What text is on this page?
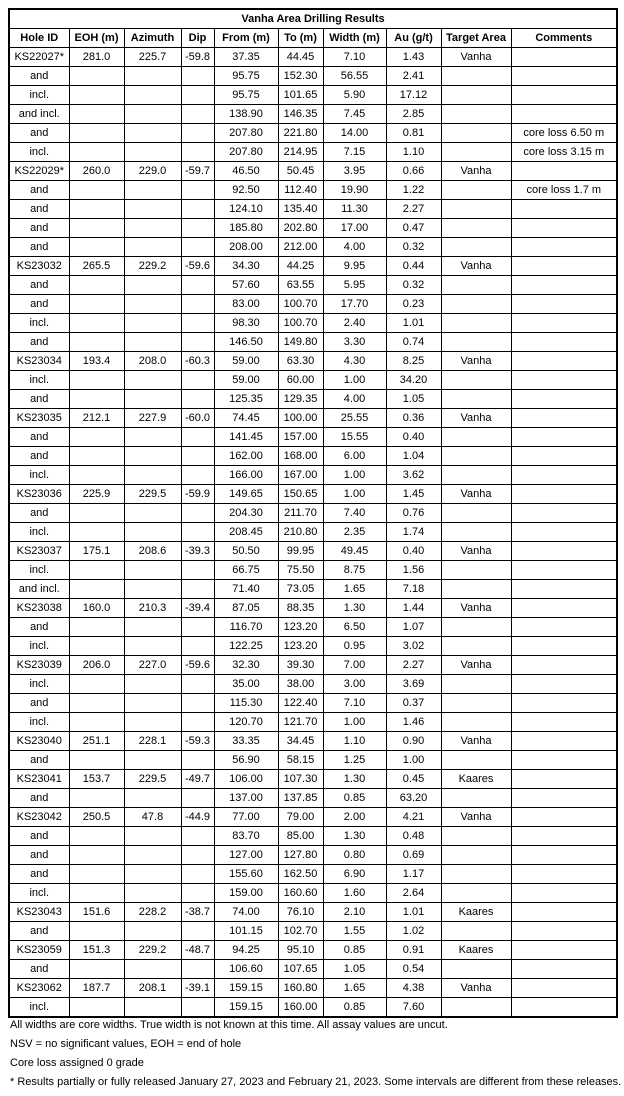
Vanha Area Drilling Results									
Hole ID	EOH (m)	Azimuth	Dip	From (m)	To (m)	Width (m)	Au (g/t)	Target Area	Comments
KS22027*	281.0	225.7	-59.8	37.35	44.45	7.10	1.43	Vanha	
and				95.75	152.30	56.55	2.41		
incl.				95.75	101.65	5.90	17.12		
and incl.				138.90	146.35	7.45	2.85		
and				207.80	221.80	14.00	0.81		core loss 6.50 m
incl.				207.80	214.95	7.15	1.10		core loss 3.15 m
KS22029*	260.0	229.0	-59.7	46.50	50.45	3.95	0.66	Vanha	
and				92.50	112.40	19.90	1.22		core loss 1.7 m
and				124.10	135.40	11.30	2.27		
and				185.80	202.80	17.00	0.47		
and				208.00	212.00	4.00	0.32		
KS23032	265.5	229.2	-59.6	34.30	44.25	9.95	0.44	Vanha	
and				57.60	63.55	5.95	0.32		
and				83.00	100.70	17.70	0.23		
incl.				98.30	100.70	2.40	1.01		
and				146.50	149.80	3.30	0.74		
KS23034	193.4	208.0	-60.3	59.00	63.30	4.30	8.25	Vanha	
incl.				59.00	60.00	1.00	34.20		
and				125.35	129.35	4.00	1.05		
KS23035	212.1	227.9	-60.0	74.45	100.00	25.55	0.36	Vanha	
and				141.45	157.00	15.55	0.40		
and				162.00	168.00	6.00	1.04		
incl.				166.00	167.00	1.00	3.62		
KS23036	225.9	229.5	-59.9	149.65	150.65	1.00	1.45	Vanha	
and				204.30	211.70	7.40	0.76		
incl.				208.45	210.80	2.35	1.74		
KS23037	175.1	208.6	-39.3	50.50	99.95	49.45	0.40	Vanha	
incl.				66.75	75.50	8.75	1.56		
and incl.				71.40	73.05	1.65	7.18		
KS23038	160.0	210.3	-39.4	87.05	88.35	1.30	1.44	Vanha	
and				116.70	123.20	6.50	1.07		
incl.				122.25	123.20	0.95	3.02		
KS23039	206.0	227.0	-59.6	32.30	39.30	7.00	2.27	Vanha	
incl.				35.00	38.00	3.00	3.69		
and				115.30	122.40	7.10	0.37		
incl.				120.70	121.70	1.00	1.46		
KS23040	251.1	228.1	-59.3	33.35	34.45	1.10	0.90	Vanha	
and				56.90	58.15	1.25	1.00		
KS23041	153.7	229.5	-49.7	106.00	107.30	1.30	0.45	Kaares	
and				137.00	137.85	0.85	63.20		
KS23042	250.5	47.8	-44.9	77.00	79.00	2.00	4.21	Vanha	
and				83.70	85.00	1.30	0.48		
and				127.00	127.80	0.80	0.69		
and				155.60	162.50	6.90	1.17		
incl.				159.00	160.60	1.60	2.64		
KS23043	151.6	228.2	-38.7	74.00	76.10	2.10	1.01	Kaares	
and				101.15	102.70	1.55	1.02		
KS23059	151.3	229.2	-48.7	94.25	95.10	0.85	0.91	Kaares	
and				106.60	107.65	1.05	0.54		
KS23062	187.7	208.1	-39.1	159.15	160.80	1.65	4.38	Vanha	
incl.				159.15	160.00	0.85	7.60		
All widths are core widths. True width is not known at this time. All assay values are uncut.
NSV = no significant values, EOH = end of hole
Core loss assigned 0 grade
* Results partially or fully released January 27, 2023 and February 21, 2023. Some intervals are different from these releases.
